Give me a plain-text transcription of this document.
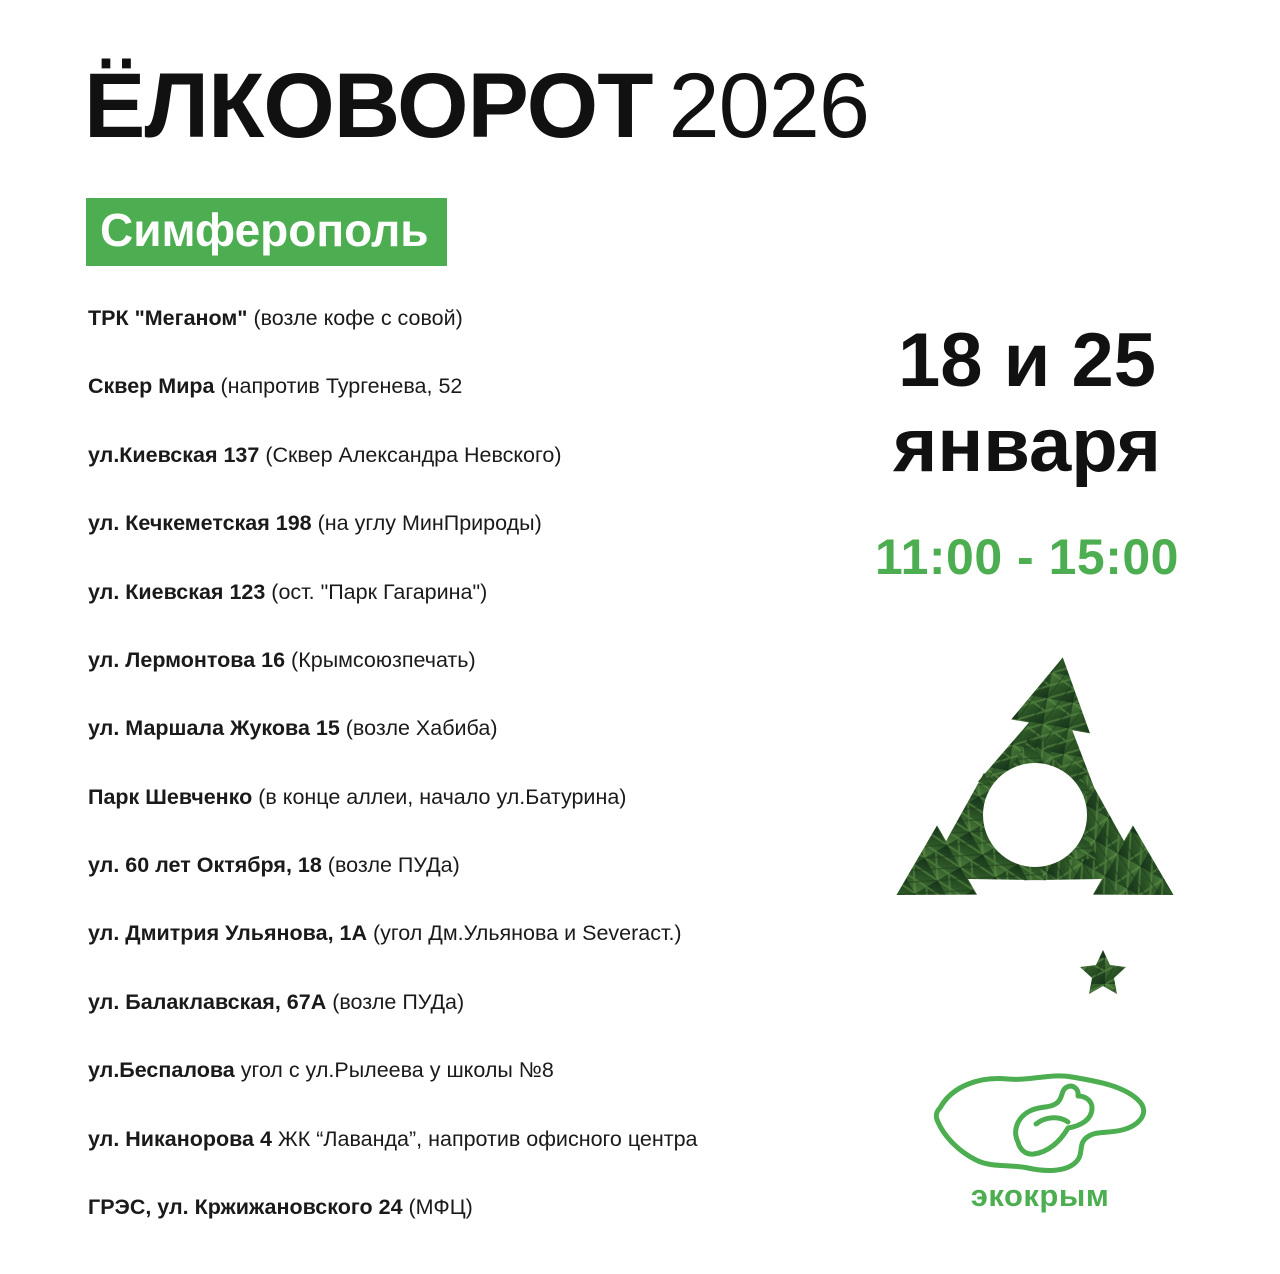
ЁЛКОВОРОТ 2026
Симферополь
ТРК "Меганом" (возле кофе с совой)
Сквер Мира (напротив Тургенева, 52
ул.Киевская 137 (Сквер Александра Невского)
ул. Кечкеметская 198 (на углу МинПрироды)
ул. Киевская 123 (ост. "Парк Гагарина")
ул. Лермонтова 16 (Крымсоюзпечать)
ул. Маршала Жукова 15 (возле Хабиба)
Парк Шевченко (в конце аллеи, начало ул.Батурина)
ул. 60 лет Октября, 18 (возле ПУДа)
ул. Дмитрия Ульянова, 1А (угол Дм.Ульянова и Severaст.)
ул. Балаклавская, 67А (возле ПУДа)
ул.Беспалова угол с ул.Рылеева у школы №8
ул. Никанорова 4 ЖК “Лаванда”, напротив офисного центра
ГРЭС, ул. Кржижановского 24 (МФЦ)
18 и 25 января
11:00 - 15:00
экокрым
